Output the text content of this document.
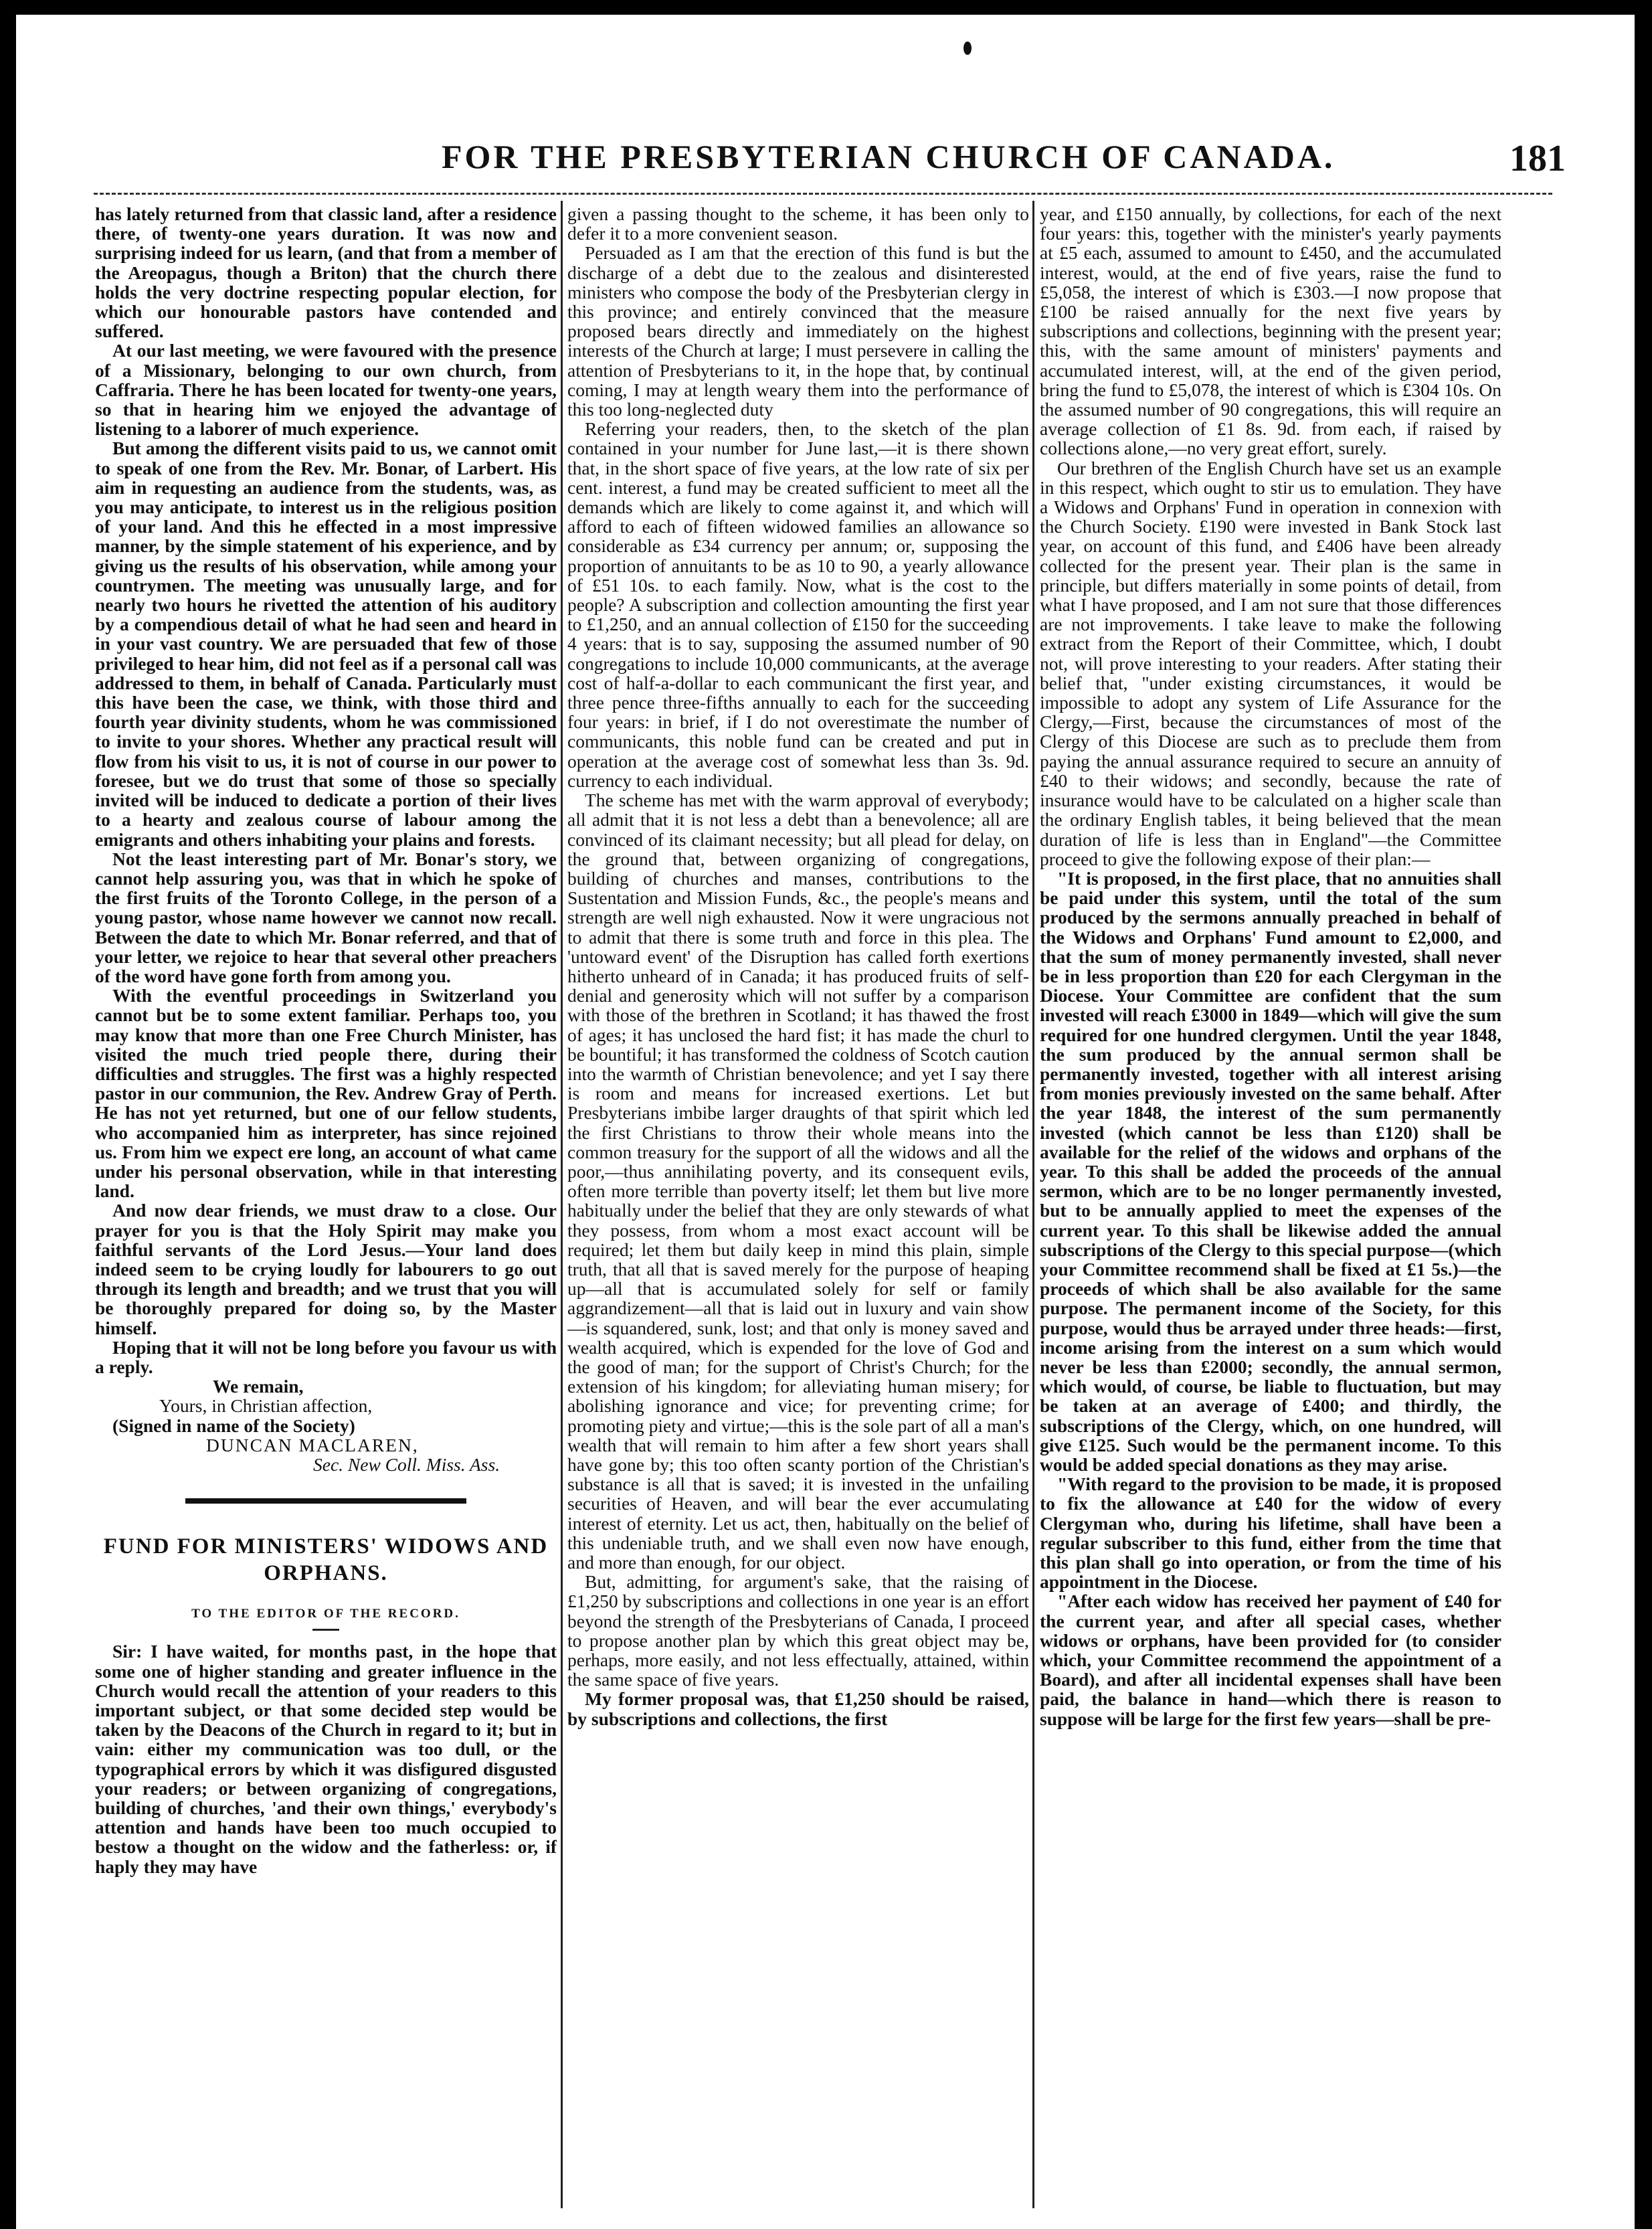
FOR THE PRESBYTERIAN CHURCH OF CANADA.	181

has lately returned from that classic land, after a residence there, of twenty-one years duration. It was now and surprising indeed for us learn, (and that from a member of the Areopagus, though a Briton) that the church there holds the very doctrine respecting popular election, for which our honourable pastors have contended and suffered.

At our last meeting, we were favoured with the presence of a Missionary, belonging to our own church, from Caffraria. There he has been located for twenty-one years, so that in hearing him we enjoyed the advantage of listening to a laborer of much experience.

But among the different visits paid to us, we cannot omit to speak of one from the Rev. Mr. Bonar, of Larbert. His aim in requesting an audience from the students, was, as you may anticipate, to interest us in the religious position of your land. And this he effected in a most impressive manner, by the simple statement of his experience, and by giving us the results of his observation, while among your countrymen. The meeting was unusually large, and for nearly two hours he rivetted the attention of his auditory by a compendious detail of what he had seen and heard in in your vast country. We are persuaded that few of those privileged to hear him, did not feel as if a personal call was addressed to them, in behalf of Canada. Particularly must this have been the case, we think, with those third and fourth year divinity students, whom he was commissioned to invite to your shores. Whether any practical result will flow from his visit to us, it is not of course in our power to foresee, but we do trust that some of those so specially invited will be induced to dedicate a portion of their lives to a hearty and zealous course of labour among the emigrants and others inhabiting your plains and forests.

Not the least interesting part of Mr. Bonar's story, we cannot help assuring you, was that in which he spoke of the first fruits of the Toronto College, in the person of a young pastor, whose name however we cannot now recall. Between the date to which Mr. Bonar referred, and that of your letter, we rejoice to hear that several other preachers of the word have gone forth from among you.

With the eventful proceedings in Switzerland you cannot but be to some extent familiar. Perhaps too, you may know that more than one Free Church Minister, has visited the much tried people there, during their difficulties and struggles. The first was a highly respected pastor in our communion, the Rev. Andrew Gray of Perth. He has not yet returned, but one of our fellow students, who accompanied him as interpreter, has since rejoined us. From him we expect ere long, an account of what came under his personal observation, while in that interesting land.

And now dear friends, we must draw to a close. Our prayer for you is that the Holy Spirit may make you faithful servants of the Lord Jesus.—Your land does indeed seem to be crying loudly for labourers to go out through its length and breadth; and we trust that you will be thoroughly prepared for doing so, by the Master himself.

Hoping that it will not be long before you favour us with a reply.

We remain,

Yours, in Christian affection,

(Signed in name of the Society)

DUNCAN MACLAREN,

Sec. New Coll. Miss. Ass.

FUND FOR MINISTERS' WIDOWS AND ORPHANS.
TO THE EDITOR OF THE RECORD.

Sir: I have waited, for months past, in the hope that some one of higher standing and greater influence in the Church would recall the attention of your readers to this important subject, or that some decided step would be taken by the Deacons of the Church in regard to it; but in vain: either my communication was too dull, or the typographical errors by which it was disfigured disgusted your readers; or between organizing of congregations, building of churches, 'and their own things,' everybody's attention and hands have been too much occupied to bestow a thought on the widow and the fatherless: or, if haply they may have

given a passing thought to the scheme, it has been only to defer it to a more convenient season.

Persuaded as I am that the erection of this fund is but the discharge of a debt due to the zealous and disinterested ministers who compose the body of the Presbyterian clergy in this province; and entirely convinced that the measure proposed bears directly and immediately on the highest interests of the Church at large; I must persevere in calling the attention of Presbyterians to it, in the hope that, by continual coming, I may at length weary them into the performance of this too long-neglected duty

Referring your readers, then, to the sketch of the plan contained in your number for June last,—it is there shown that, in the short space of five years, at the low rate of six per cent. interest, a fund may be created sufficient to meet all the demands which are likely to come against it, and which will afford to each of fifteen widowed families an allowance so considerable as £34 currency per annum; or, supposing the proportion of annuitants to be as 10 to 90, a yearly allowance of £51 10s. to each family. Now, what is the cost to the people? A subscription and collection amounting the first year to £1,250, and an annual collection of £150 for the succeeding 4 years: that is to say, supposing the assumed number of 90 congregations to include 10,000 communicants, at the average cost of half-a-dollar to each communicant the first year, and three pence three-fifths annually to each for the succeeding four years: in brief, if I do not overestimate the number of communicants, this noble fund can be created and put in operation at the average cost of somewhat less than 3s. 9d. currency to each individual.

The scheme has met with the warm approval of everybody; all admit that it is not less a debt than a benevolence; all are convinced of its claimant necessity; but all plead for delay, on the ground that, between organizing of congregations, building of churches and manses, contributions to the Sustentation and Mission Funds, &c., the people's means and strength are well nigh exhausted. Now it were ungracious not to admit that there is some truth and force in this plea. The 'untoward event' of the Disruption has called forth exertions hitherto unheard of in Canada; it has produced fruits of self-denial and generosity which will not suffer by a comparison with those of the brethren in Scotland; it has thawed the frost of ages; it has unclosed the hard fist; it has made the churl to be bountiful; it has transformed the coldness of Scotch caution into the warmth of Christian benevolence; and yet I say there is room and means for increased exertions. Let but Presbyterians imbibe larger draughts of that spirit which led the first Christians to throw their whole means into the common treasury for the support of all the widows and all the poor,—thus annihilating poverty, and its consequent evils, often more terrible than poverty itself; let them but live more habitually under the belief that they are only stewards of what they possess, from whom a most exact account will be required; let them but daily keep in mind this plain, simple truth, that all that is saved merely for the purpose of heaping up—all that is accumulated solely for self or family aggrandizement—all that is laid out in luxury and vain show—is squandered, sunk, lost; and that only is money saved and wealth acquired, which is expended for the love of God and the good of man; for the support of Christ's Church; for the extension of his kingdom; for alleviating human misery; for abolishing ignorance and vice; for preventing crime; for promoting piety and virtue;—this is the sole part of all a man's wealth that will remain to him after a few short years shall have gone by; this too often scanty portion of the Christian's substance is all that is saved; it is invested in the unfailing securities of Heaven, and will bear the ever accumulating interest of eternity. Let us act, then, habitually on the belief of this undeniable truth, and we shall even now have enough, and more than enough, for our object.

But, admitting, for argument's sake, that the raising of £1,250 by subscriptions and collections in one year is an effort beyond the strength of the Presbyterians of Canada, I proceed to propose another plan by which this great object may be, perhaps, more easily, and not less effectually, attained, within the same space of five years.

My former proposal was, that £1,250 should be raised, by subscriptions and collections, the first

year, and £150 annually, by collections, for each of the next four years: this, together with the minister's yearly payments at £5 each, assumed to amount to £450, and the accumulated interest, would, at the end of five years, raise the fund to £5,058, the interest of which is £303.—I now propose that £100 be raised annually for the next five years by subscriptions and collections, beginning with the present year; this, with the same amount of ministers' payments and accumulated interest, will, at the end of the given period, bring the fund to £5,078, the interest of which is £304 10s. On the assumed number of 90 congregations, this will require an average collection of £1 8s. 9d. from each, if raised by collections alone,—no very great effort, surely.

Our brethren of the English Church have set us an example in this respect, which ought to stir us to emulation. They have a Widows and Orphans' Fund in operation in connexion with the Church Society. £190 were invested in Bank Stock last year, on account of this fund, and £406 have been already collected for the present year. Their plan is the same in principle, but differs materially in some points of detail, from what I have proposed, and I am not sure that those differences are not improvements. I take leave to make the following extract from the Report of their Committee, which, I doubt not, will prove interesting to your readers. After stating their belief that, "under existing circumstances, it would be impossible to adopt any system of Life Assurance for the Clergy,—First, because the circumstances of most of the Clergy of this Diocese are such as to preclude them from paying the annual assurance required to secure an annuity of £40 to their widows; and secondly, because the rate of insurance would have to be calculated on a higher scale than the ordinary English tables, it being believed that the mean duration of life is less than in England"—the Committee proceed to give the following expose of their plan:—

"It is proposed, in the first place, that no annuities shall be paid under this system, until the total of the sum produced by the sermons annually preached in behalf of the Widows and Orphans' Fund amount to £2,000, and that the sum of money permanently invested, shall never be in less proportion than £20 for each Clergyman in the Diocese. Your Committee are confident that the sum invested will reach £3000 in 1849—which will give the sum required for one hundred clergymen. Until the year 1848, the sum produced by the annual sermon shall be permanently invested, together with all interest arising from monies previously invested on the same behalf. After the year 1848, the interest of the sum permanently invested (which cannot be less than £120) shall be available for the relief of the widows and orphans of the year. To this shall be added the proceeds of the annual sermon, which are to be no longer permanently invested, but to be annually applied to meet the expenses of the current year. To this shall be likewise added the annual subscriptions of the Clergy to this special purpose—(which your Committee recommend shall be fixed at £1 5s.)—the proceeds of which shall be also available for the same purpose. The permanent income of the Society, for this purpose, would thus be arrayed under three heads:—first, income arising from the interest on a sum which would never be less than £2000; secondly, the annual sermon, which would, of course, be liable to fluctuation, but may be taken at an average of £400; and thirdly, the subscriptions of the Clergy, which, on one hundred, will give £125. Such would be the permanent income. To this would be added special donations as they may arise.

"With regard to the provision to be made, it is proposed to fix the allowance at £40 for the widow of every Clergyman who, during his lifetime, shall have been a regular subscriber to this fund, either from the time that this plan shall go into operation, or from the time of his appointment in the Diocese.

"After each widow has received her payment of £40 for the current year, and after all special cases, whether widows or orphans, have been provided for (to consider which, your Committee recommend the appointment of a Board), and after all incidental expenses shall have been paid, the balance in hand—which there is reason to suppose will be large for the first few years—shall be pre-
